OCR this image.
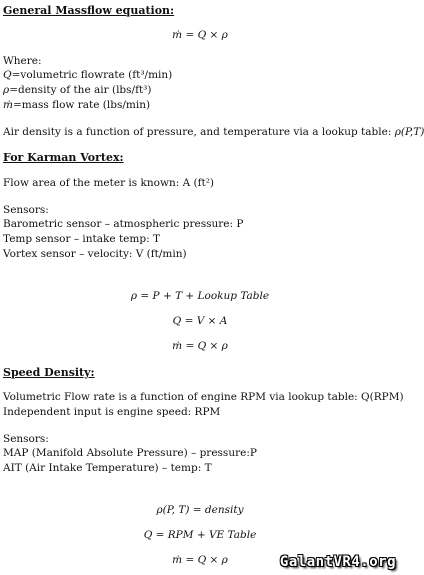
General Massflow equation:
ṁ = Q × ρ
Where:
Q=volumetric flowrate (ft³/min)
ρ=density of the air (lbs/ft³)
ṁ=mass flow rate (lbs/min)
Air density is a function of pressure, and temperature via a lookup table: ρ(P,T)
For Karman Vortex:
Flow area of the meter is known: A (ft²)
Sensors:
Barometric sensor – atmospheric pressure: P
Temp sensor – intake temp: T
Vortex sensor – velocity: V (ft/min)
ρ = P + T + Lookup Table
Q = V × A
ṁ = Q × ρ
Speed Density:
Volumetric Flow rate is a function of engine RPM via lookup table: Q(RPM)
Independent input is engine speed: RPM
Sensors:
MAP (Manifold Absolute Pressure) – pressure:P
AIT (Air Intake Temperature) – temp: T
ρ(P, T) = density
Q = RPM + VE Table
ṁ = Q × ρ	GalantVR4.org
